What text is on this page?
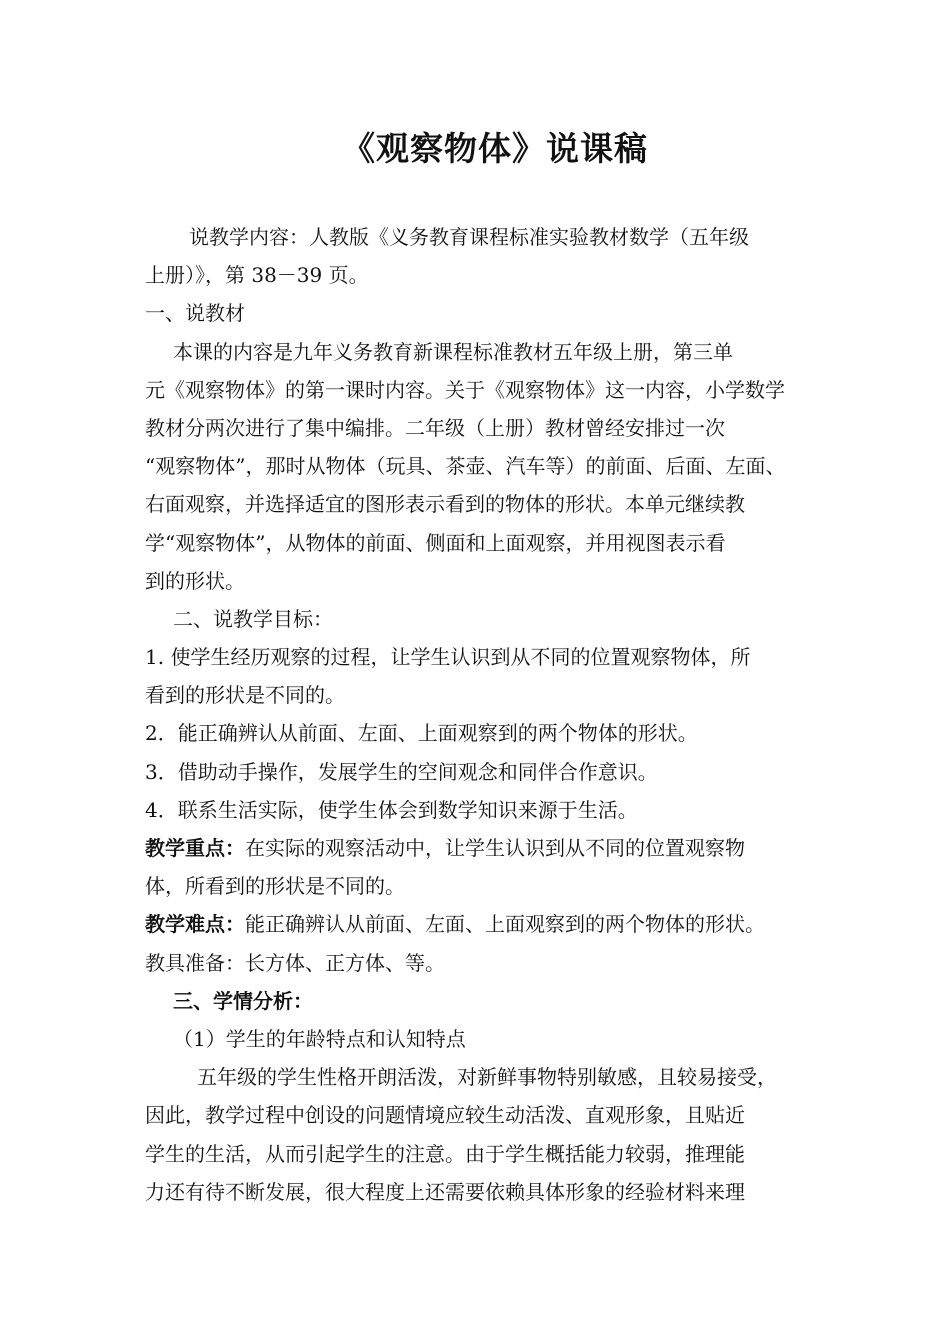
《观察物体》说课稿
说教学内容：人教版《义务教育课程标准实验教材数学（五年级
上册）》，第 38－39 页。
一、说教材
本课的内容是九年义务教育新课程标准教材五年级上册，第三单
元《观察物体》的第一课时内容。关于《观察物体》这一内容，小学数学
教材分两次进行了集中编排。二年级（上册）教材曾经安排过一次
“观察物体”，那时从物体（玩具、茶壶、汽车等）的前面、后面、左面、
右面观察，并选择适宜的图形表示看到的物体的形状。本单元继续教
学“观察物体”，从物体的前面、侧面和上面观察，并用视图表示看
到的形状。
二、说教学目标：
1. 使学生经历观察的过程，让学生认识到从不同的位置观察物体，所
看到的形状是不同的。
2．能正确辨认从前面、左面、上面观察到的两个物体的形状。
3．借助动手操作，发展学生的空间观念和同伴合作意识。
4．联系生活实际，使学生体会到数学知识来源于生活。
教学重点：在实际的观察活动中，让学生认识到从不同的位置观察物
体，所看到的形状是不同的。
教学难点：能正确辨认从前面、左面、上面观察到的两个物体的形状。
教具准备：长方体、正方体、等。
三、学情分析：
（1）学生的年龄特点和认知特点
五年级的学生性格开朗活泼，对新鲜事物特别敏感，且较易接受，
因此，教学过程中创设的问题情境应较生动活泼、直观形象，且贴近
学生的生活，从而引起学生的注意。由于学生概括能力较弱，推理能
力还有待不断发展，很大程度上还需要依赖具体形象的经验材料来理
